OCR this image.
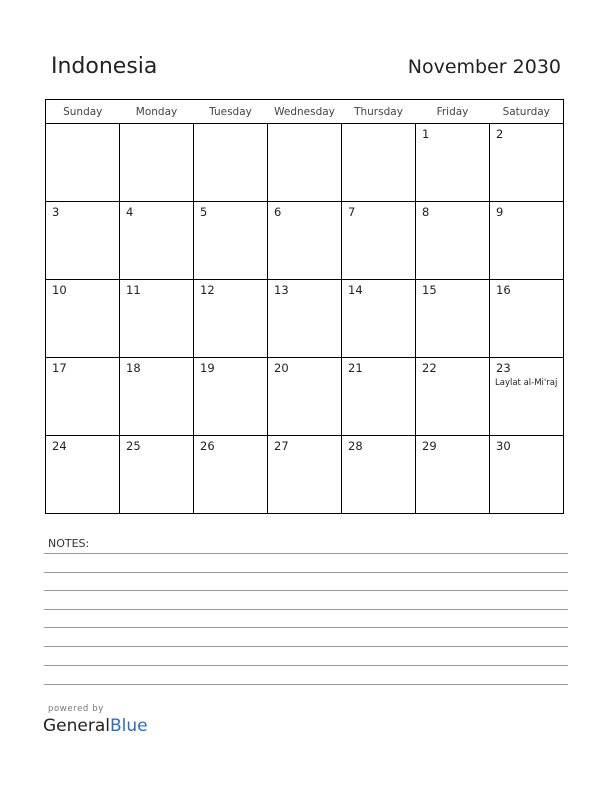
Indonesia	November 2030
Sunday	Monday	Tuesday	Wednesday	Thursday	Friday	Saturday

					1	2

3	4	5	6	7	8	9

10	11	12	13	14	15	16

17	18	19	20	21	22	23
Laylat al-Mi'raj

24	25	26	27	28	29	30
NOTES:
powered by
GeneralBlue
